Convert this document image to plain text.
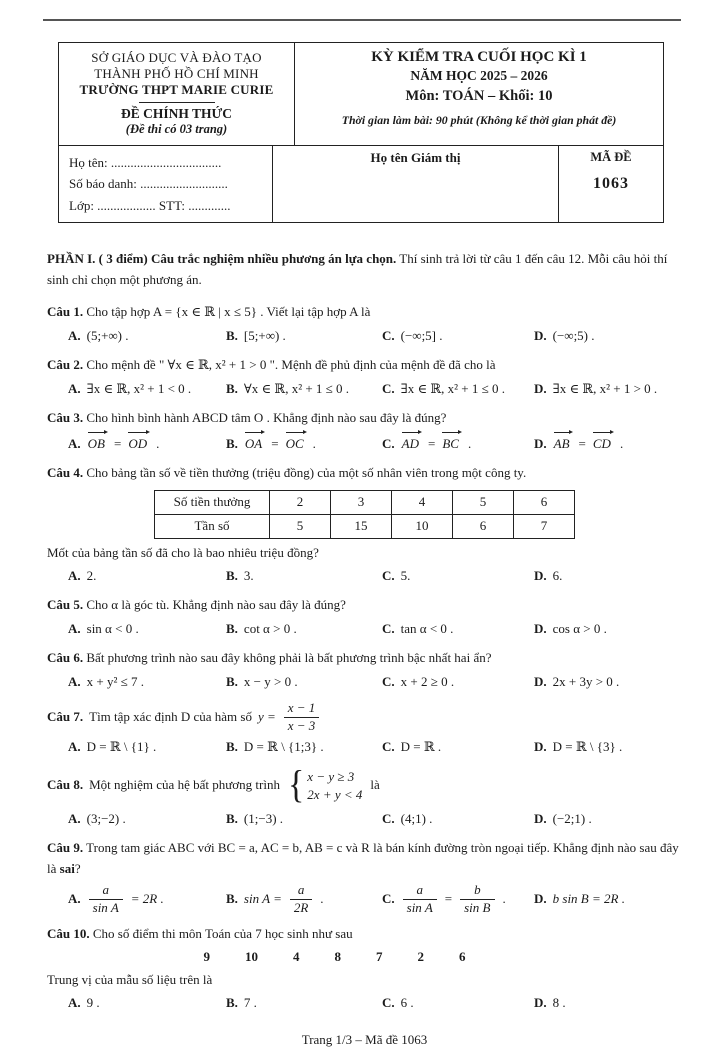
SỞ GIÁO DỤC VÀ ĐÀO TẠO
THÀNH PHỐ HỒ CHÍ MINH
TRƯỜNG THPT MARIE CURIE
ĐỀ CHÍNH THỨC
(Đề thi có 03 trang)
KỲ KIỂM TRA CUỐI HỌC KÌ 1
NĂM HỌC 2025 – 2026
Môn: TOÁN – Khối: 10
Thời gian làm bài: 90 phút (Không kể thời gian phát đề)
Họ tên: ..................................
Số báo danh: ...........................
Lớp: .................. STT: .............
Họ tên Giám thị	MÃ ĐỀ
1063

PHẦN I. ( 3 điểm) Câu trắc nghiệm nhiều phương án lựa chọn. Thí sinh trả lời từ câu 1 đến câu 12. Mỗi câu hỏi thí sinh chỉ chọn một phương án.

Câu 1. Cho tập hợp A = {x ∈ ℝ | x ≤ 5} . Viết lại tập hợp A là
A. (5;+∞) .	B. [5;+∞) .	C. (−∞;5] .	D. (−∞;5) .
Câu 2. Cho mệnh đề " ∀x ∈ ℝ, x² + 1 > 0 ". Mệnh đề phủ định của mệnh đề đã cho là
A. ∃x ∈ ℝ, x² + 1 < 0 .	B. ∀x ∈ ℝ, x² + 1 ≤ 0 .	C. ∃x ∈ ℝ, x² + 1 ≤ 0 . D. ∃x ∈ ℝ, x² + 1 > 0 .
Câu 3. Cho hình bình hành ABCD tâm O . Khẳng định nào sau đây là đúng?
A. OB = OD .	B. OA = OC .	C. AD = BC .	D. AB = CD .
Câu 4. Cho bảng tần số về tiền thưởng (triệu đồng) của một số nhân viên trong một công ty.
Số tiền thưởng	2	3	4	5	6
Tần số	5	15	10	6	7
Mốt của bảng tần số đã cho là bao nhiêu triệu đồng?
A. 2.	B. 3.	C. 5.	D. 6.
Câu 5. Cho α là góc tù. Khẳng định nào sau đây là đúng?
A. sin α < 0 .	B. cot α > 0 .	C. tan α < 0 .	D. cos α > 0 .
Câu 6. Bất phương trình nào sau đây không phải là bất phương trình bậc nhất hai ẩn?
A. x + y² ≤ 7 .	B. x − y > 0 .	C. x + 2 ≥ 0 .	D. 2x + 3y > 0 .
Câu 7. Tìm tập xác định D của hàm số $y = \frac{x - 1}{x - 3}$
A. D = ℝ \ {1} .	B. D = ℝ \ {1;3} .	C. D = ℝ .	D. D = ℝ \ {3} .
Câu 8. Một nghiệm của hệ bất phương trình { x − y ≥ 3
2x + y < 4
là
A. (3;−2) .	B. (1;−3) .	C. (4;1) .	D. (−2;1) .
Câu 9. Trong tam giác ABC với BC = a, AC = b, AB = c và R là bán kính đường tròn ngoại tiếp. Khẳng định nào sau đây là sai?
A. $\frac{a}{\text{sin A}} = 2R$ .	B. $\sin A = \frac{a}{2R}$ .	C. $\frac{a}{\text{sin A}} = \frac{b}{\text{sin B}}$ . D. b sin B = 2R .
Câu 10. Cho số điểm thi môn Toán của 7 học sinh như sau
9	10	4	8	7	2	6
Trung vị của mẫu số liệu trên là
A. 9 .	B. 7 .	C. 6 .	D. 8 .
Trang 1/3 – Mã đề 1063
